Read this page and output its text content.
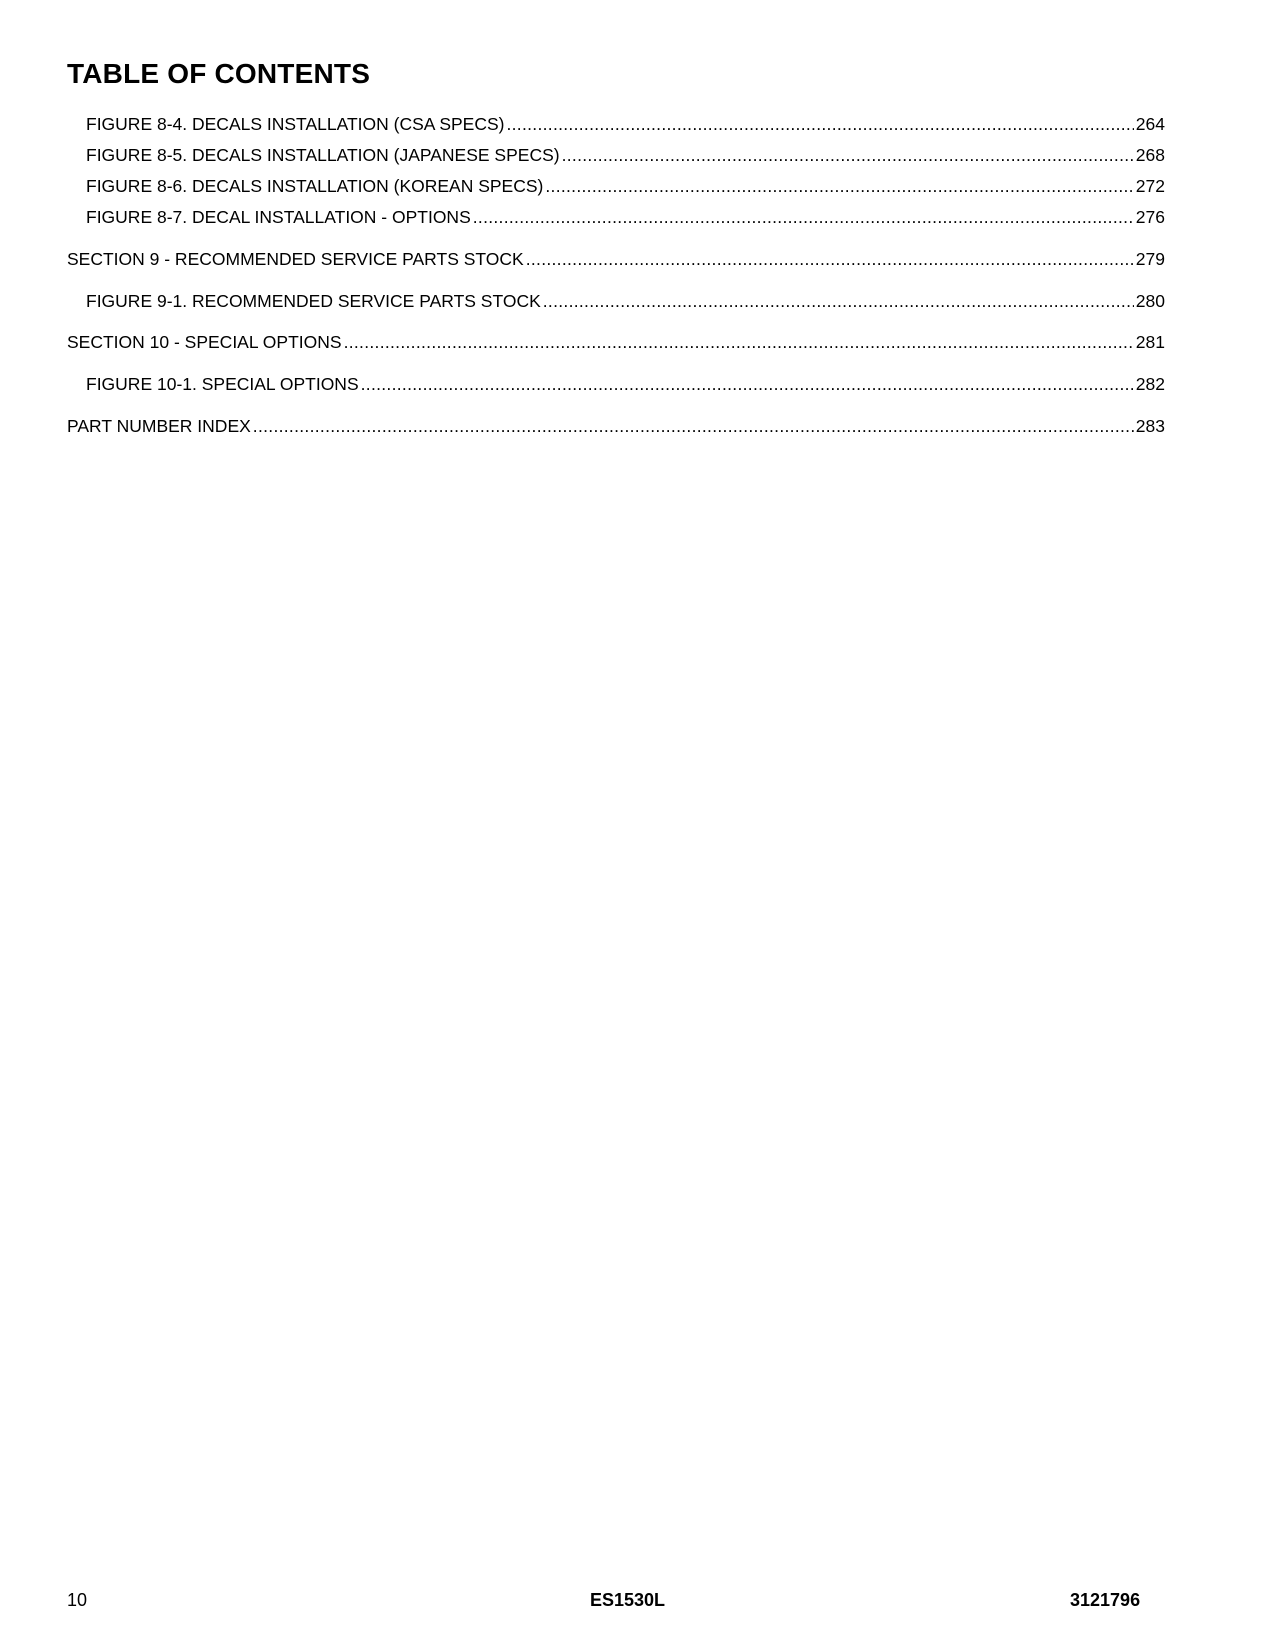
TABLE OF CONTENTS
FIGURE 8-4. DECALS INSTALLATION (CSA SPECS) .....	264
FIGURE 8-5. DECALS INSTALLATION (JAPANESE SPECS) .....	268
FIGURE 8-6. DECALS INSTALLATION (KOREAN SPECS) .....	272
FIGURE 8-7. DECAL INSTALLATION - OPTIONS .....	276
SECTION 9 - RECOMMENDED SERVICE PARTS STOCK .....	279
FIGURE 9-1. RECOMMENDED SERVICE PARTS STOCK .....	280
SECTION 10 - SPECIAL OPTIONS .....	281
FIGURE 10-1. SPECIAL OPTIONS .....	282
PART NUMBER INDEX .....	283
10	ES1530L	3121796
